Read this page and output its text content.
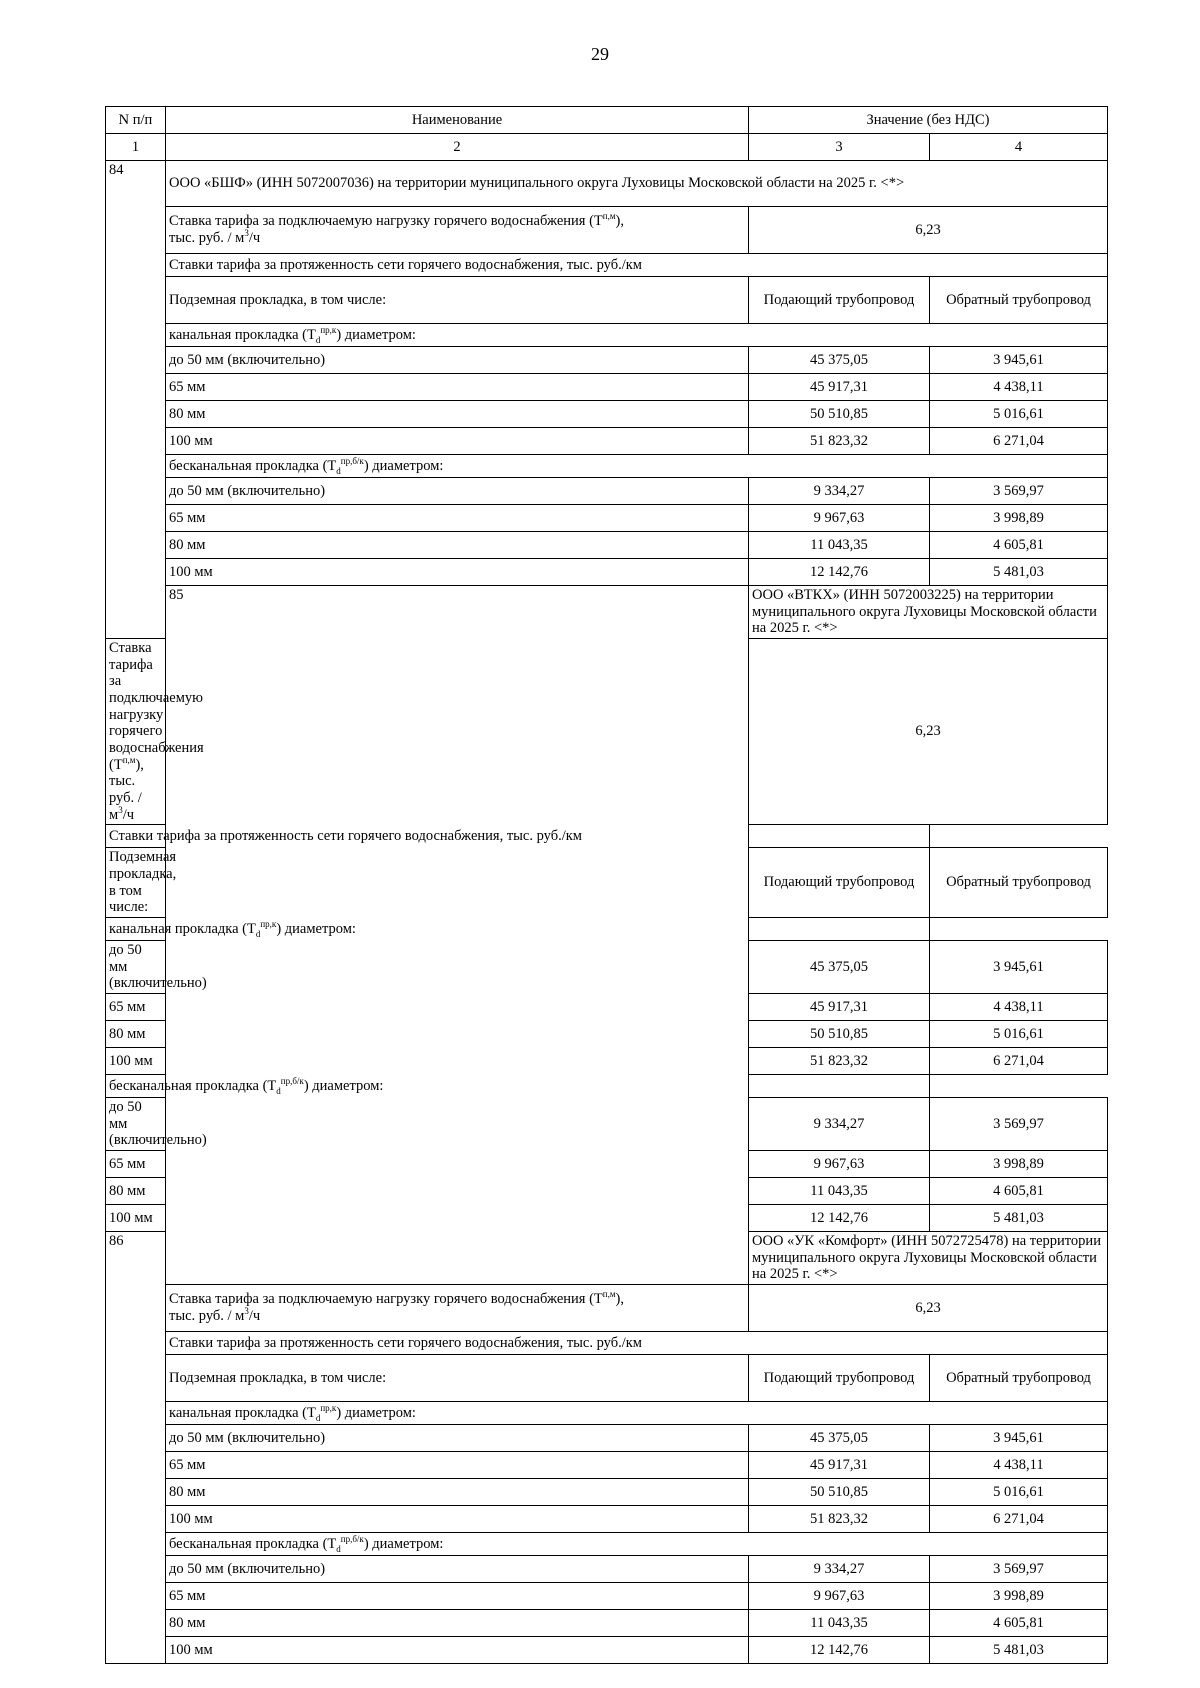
29
N п/п	Наименование	Значение (без НДС)	
1	2	3	4
84	ООО «БШФ» (ИНН 5072007036) на территории муниципального округа Луховицы Московской области на 2025 г. <*>		
	Ставка тарифа за подключаемую нагрузку горячего водоснабжения $(Т^{п,м})$,
тыс. руб. / $м^3/ч$	6,23	
	Ставки тарифа за протяженность сети горячего водоснабжения, тыс. руб./км		
	Подземная прокладка, в том числе:	Подающий трубопровод	Обратный трубопровод
	канальная прокладка $(Т_d^{пр,к})$ диаметром:		
	до 50 мм (включительно)	45 375,05	3 945,61
	65 мм	45 917,31	4 438,11
	80 мм	50 510,85	5 016,61
	100 мм	51 823,32	6 271,04
	бесканальная прокладка $(Т_d^{пр,б/к})$ диаметром:		
	до 50 мм (включительно)	9 334,27	3 569,97
	65 мм	9 967,63	3 998,89
	80 мм	11 043,35	4 605,81
	100 мм	12 142,76	5 481,03
	85	ООО «ВТКХ» (ИНН 5072003225) на территории муниципального округа Луховицы Московской области на 2025 г. <*>	
Ставка тарифа за подключаемую нагрузку горячего водоснабжения $(Т^{п,м})$,
тыс. руб. / $м^3/ч$		6,23	
Ставки тарифа за протяженность сети горячего водоснабжения, тыс. руб./км			
Подземная прокладка, в том числе:		Подающий трубопровод	Обратный трубопровод
канальная прокладка $(Т_d^{пр,к})$ диаметром:			
до 50 мм (включительно)		45 375,05	3 945,61
65 мм		45 917,31	4 438,11
80 мм		50 510,85	5 016,61
100 мм		51 823,32	6 271,04
бесканальная прокладка $(Т_d^{пр,б/к})$ диаметром:			
до 50 мм (включительно)		9 334,27	3 569,97
65 мм		9 967,63	3 998,89
80 мм		11 043,35	4 605,81
100 мм		12 142,76	5 481,03
86		ООО «УК «Комфорт» (ИНН 5072725478) на территории муниципального округа Луховицы Московской области на 2025 г. <*>	
	Ставка тарифа за подключаемую нагрузку горячего водоснабжения $(Т^{п,м})$,
тыс. руб. / $м^3/ч$	6,23	
	Ставки тарифа за протяженность сети горячего водоснабжения, тыс. руб./км		
	Подземная прокладка, в том числе:	Подающий трубопровод	Обратный трубопровод
	канальная прокладка $(Т_d^{пр,к})$ диаметром:		
	до 50 мм (включительно)	45 375,05	3 945,61
	65 мм	45 917,31	4 438,11
	80 мм	50 510,85	5 016,61
	100 мм	51 823,32	6 271,04
	бесканальная прокладка $(Т_d^{пр,б/к})$ диаметром:		
	до 50 мм (включительно)	9 334,27	3 569,97
	65 мм	9 967,63	3 998,89
	80 мм	11 043,35	4 605,81
	100 мм	12 142,76	5 481,03
